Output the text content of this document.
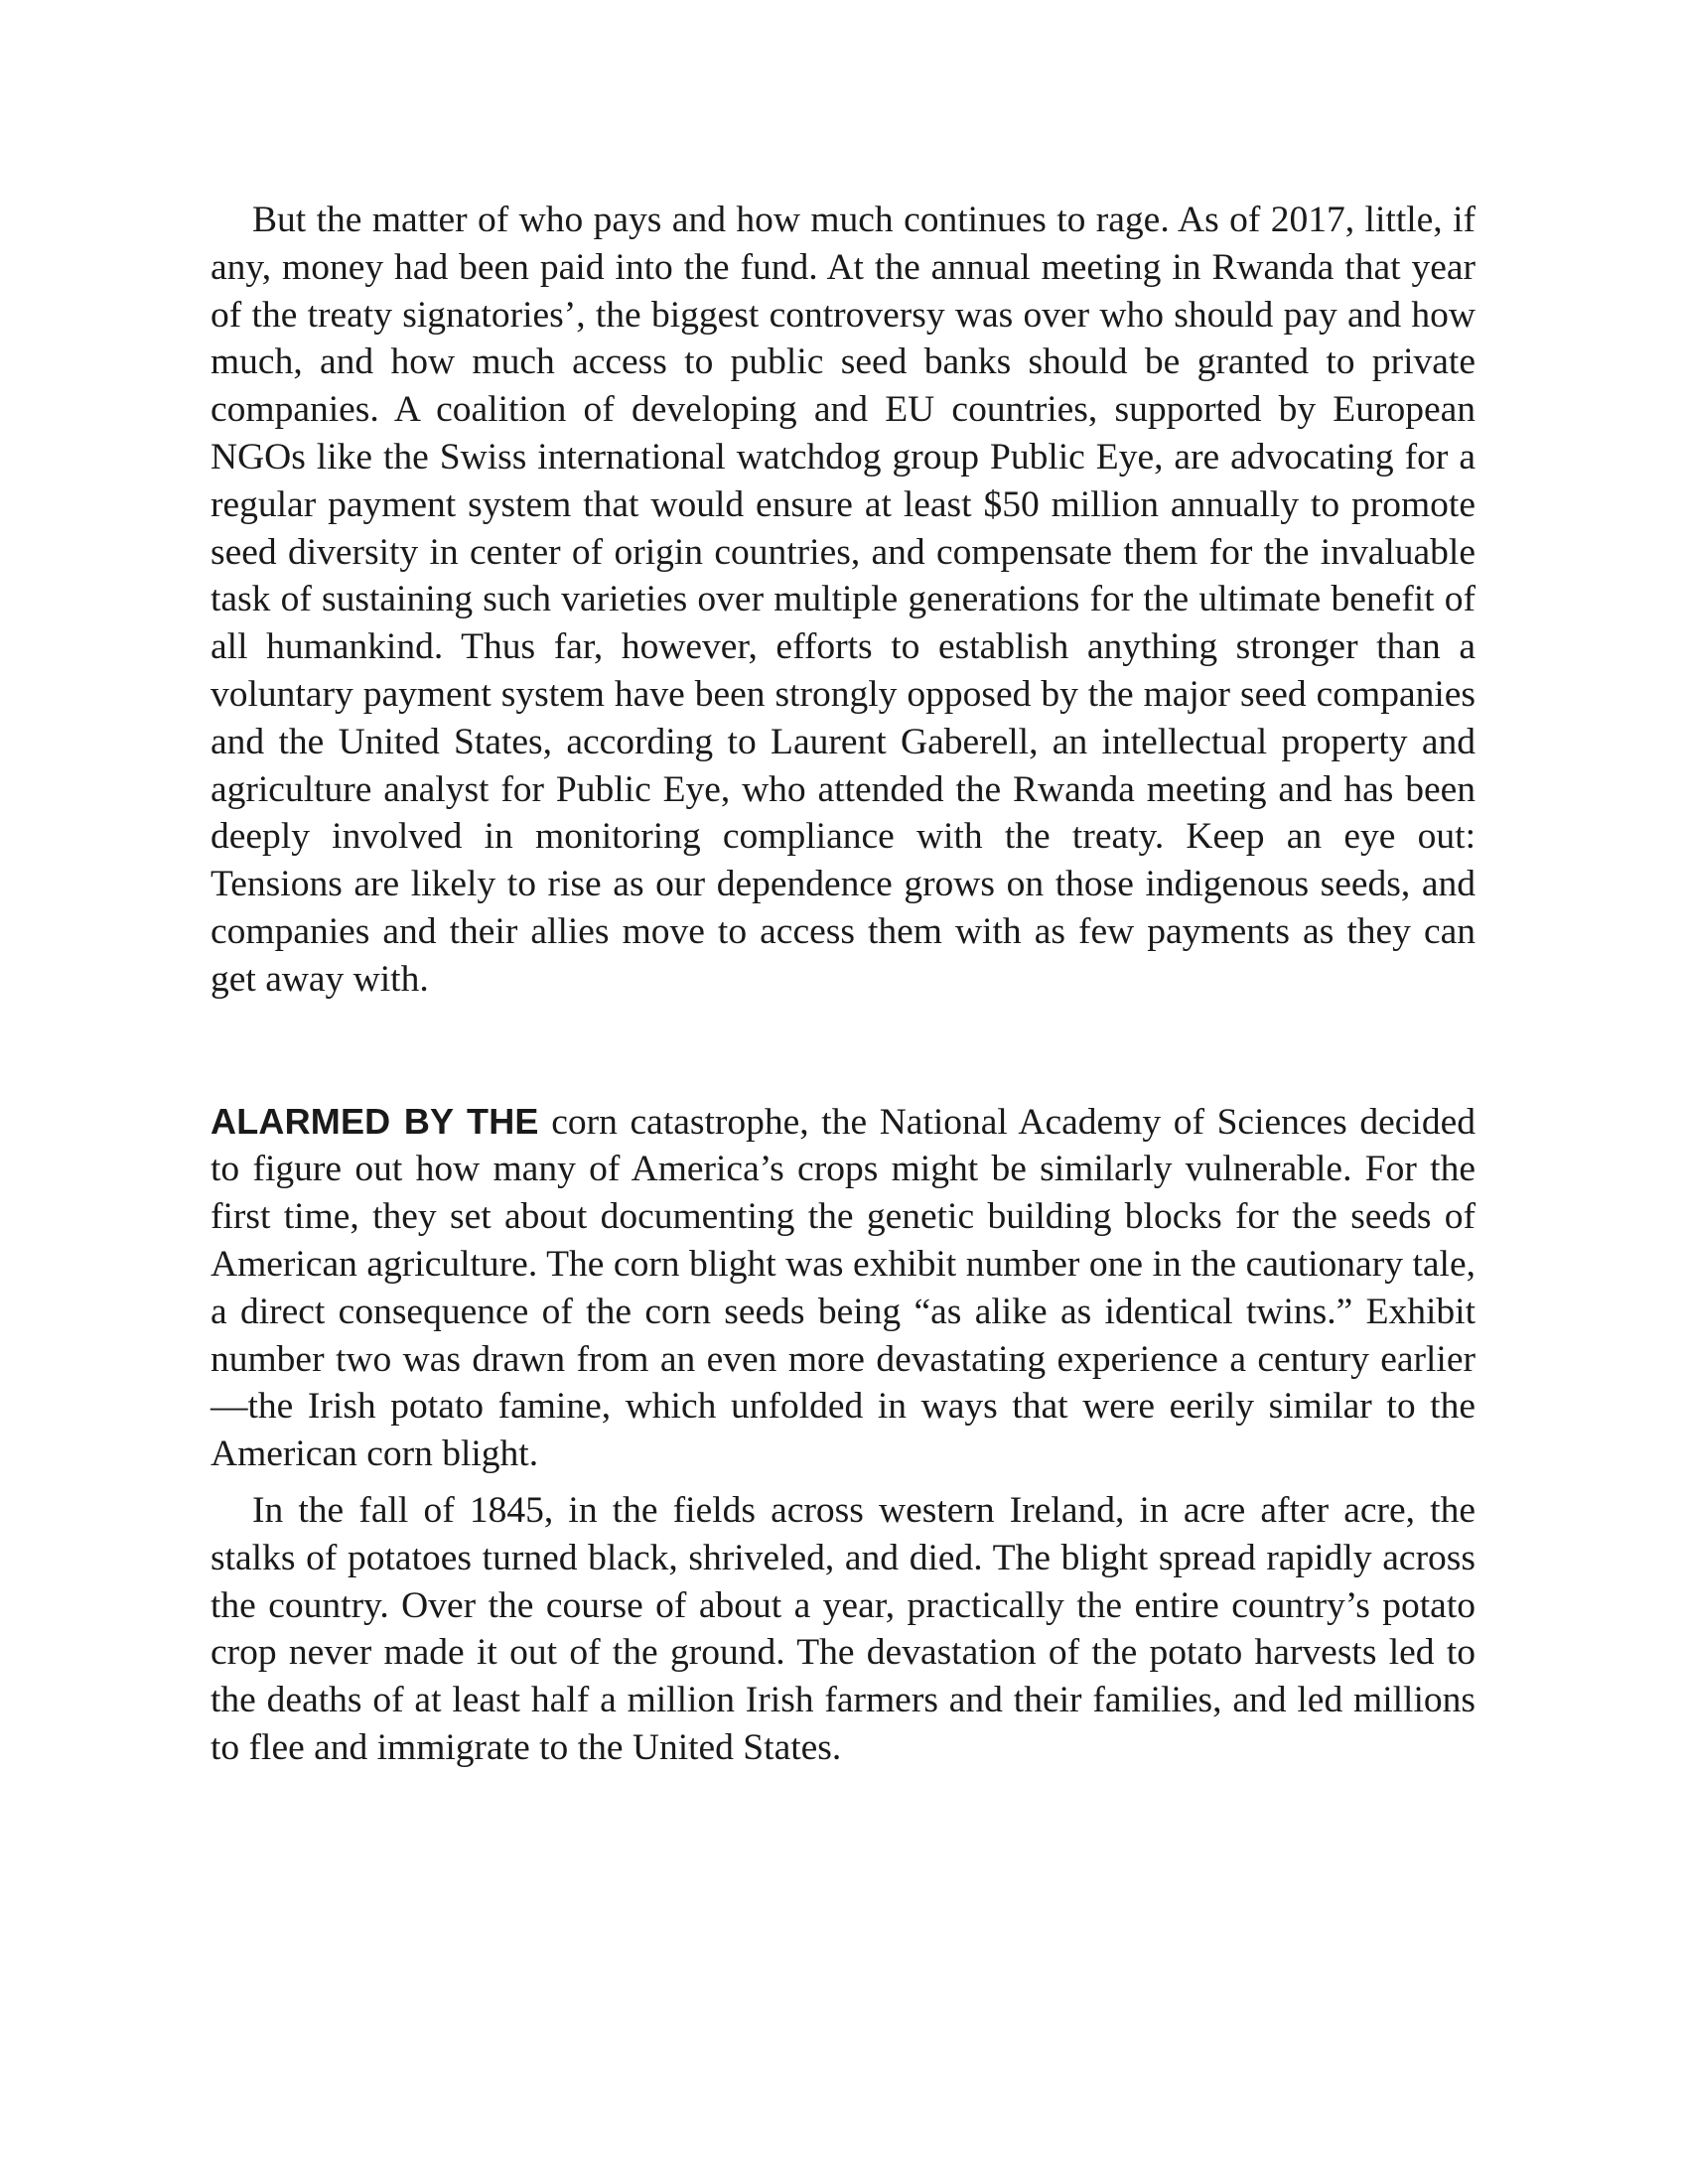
But the matter of who pays and how much continues to rage. As of 2017, little, if any, money had been paid into the fund. At the annual meeting in Rwanda that year of the treaty signatories’, the biggest controversy was over who should pay and how much, and how much access to public seed banks should be granted to private companies. A coalition of developing and EU countries, supported by European NGOs like the Swiss international watchdog group Public Eye, are advocating for a regular payment system that would ensure at least $50 million annually to promote seed diversity in center of origin countries, and compensate them for the invaluable task of sustaining such varieties over multiple generations for the ultimate benefit of all humankind. Thus far, however, efforts to establish anything stronger than a voluntary payment system have been strongly opposed by the major seed companies and the United States, according to Laurent Gaberell, an intellectual property and agriculture analyst for Public Eye, who attended the Rwanda meeting and has been deeply involved in monitoring compliance with the treaty. Keep an eye out: Tensions are likely to rise as our dependence grows on those indigenous seeds, and companies and their allies move to access them with as few payments as they can get away with.

ALARMED BY THE corn catastrophe, the National Academy of Sciences decided to figure out how many of America’s crops might be similarly vulnerable. For the first time, they set about documenting the genetic building blocks for the seeds of American agriculture. The corn blight was exhibit number one in the cautionary tale, a direct consequence of the corn seeds being “as alike as identical twins.” Exhibit number two was drawn from an even more devastating experience a century earlier—the Irish potato famine, which unfolded in ways that were eerily similar to the American corn blight.

In the fall of 1845, in the fields across western Ireland, in acre after acre, the stalks of potatoes turned black, shriveled, and died. The blight spread rapidly across the country. Over the course of about a year, practically the entire country’s potato crop never made it out of the ground. The devastation of the potato harvests led to the deaths of at least half a million Irish farmers and their families, and led millions to flee and immigrate to the United States.
